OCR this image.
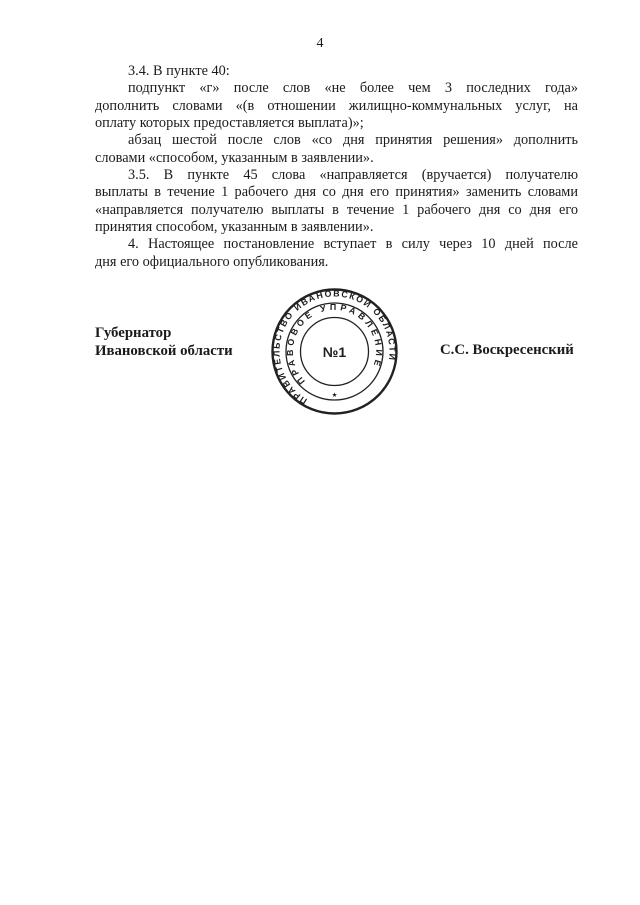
4
3.4. В пункте 40:
подпункт «г» после слов «не более чем 3 последних года»
дополнить словами «(в отношении жилищно-коммунальных услуг, на
оплату которых предоставляется выплата)»;
абзац шестой после слов «со дня принятия решения» дополнить
словами «способом, указанным в заявлении».
3.5. В пункте 45 слова «направляется (вручается) получателю
выплаты в течение 1 рабочего дня со дня его принятия» заменить словами
«направляется получателю выплаты в течение 1 рабочего дня со дня его
принятия способом, указанным в заявлении».
4. Настоящее постановление вступает в силу через 10 дней после
дня его официального опубликования.
Губернатор
Ивановской области	С.С. Воскресенский
ПРАВИТЕЛЬСТВО ИВАНОВСКОЙ ОБЛАСТИ
ПРАВОВОЕ УПРАВЛЕНИЕ
№1
★
